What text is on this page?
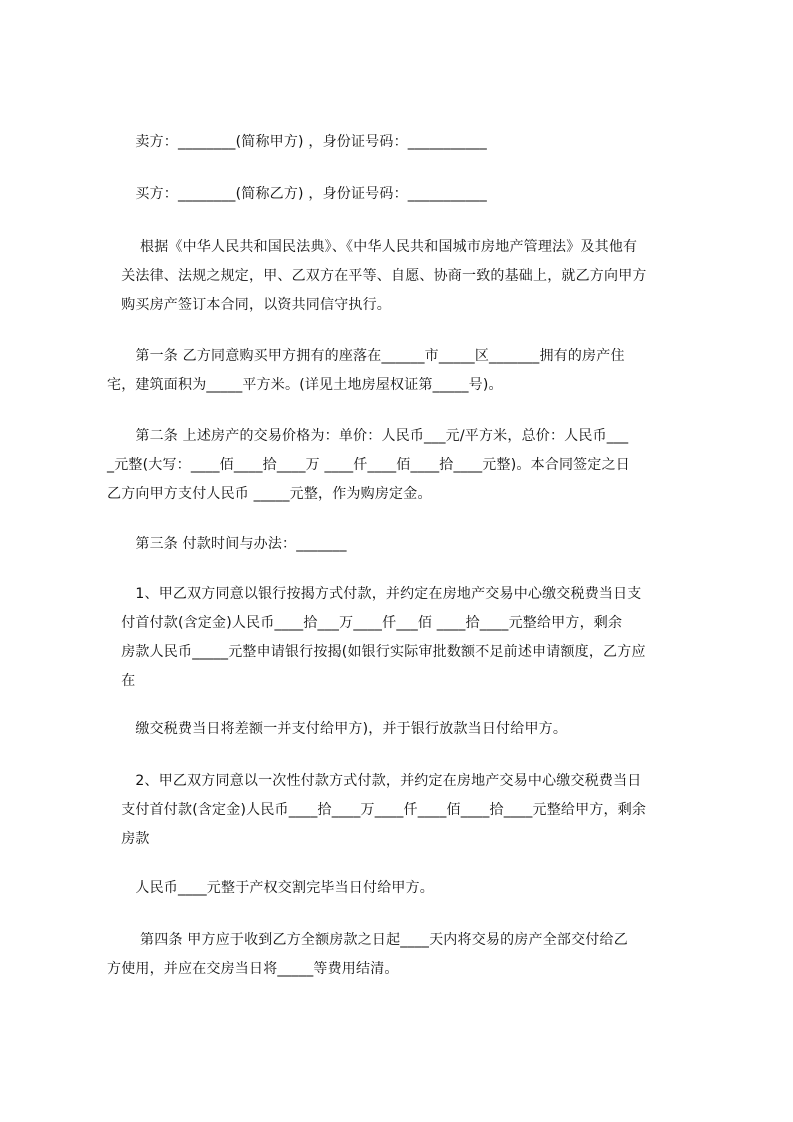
　　卖方：________(简称甲方) ，身份证号码：___________
　　买方：________(简称乙方) ，身份证号码：___________
　　 根据《中华人民共和国民法典》、《中华人民共和国城市房地产管理法》及其他有
　关法律、法规之规定，甲、乙双方在平等、自愿、协商一致的基础上，就乙方向甲方
　购买房产签订本合同，以资共同信守执行。
　　第一条 乙方同意购买甲方拥有的座落在______市_____区_______拥有的房产住
宅，建筑面积为_____平方米。(详见土地房屋权证第_____号)。
　　第二条 上述房产的交易价格为：单价：人民币___元/平方米，总价：人民币___
_元整(大写：____佰____拾____万 ____仟____佰____拾____元整)。本合同签定之日
乙方向甲方支付人民币 _____元整，作为购房定金。
　　第三条 付款时间与办法：_______
　　1、甲乙双方同意以银行按揭方式付款，并约定在房地产交易中心缴交税费当日支
　付首付款(含定金)人民币____拾___万____仟___佰 ____拾____元整给甲方，剩余
　房款人民币_____元整申请银行按揭(如银行实际审批数额不足前述申请额度，乙方应
　在
　　缴交税费当日将差额一并支付给甲方)，并于银行放款当日付给甲方。
　　2、甲乙双方同意以一次性付款方式付款，并约定在房地产交易中心缴交税费当日
　支付首付款(含定金)人民币____拾____万____仟____佰____拾____元整给甲方，剩余
　房款
　　人民币____元整于产权交割完毕当日付给甲方。
　　 第四条 甲方应于收到乙方全额房款之日起____天内将交易的房产全部交付给乙
方使用，并应在交房当日将_____等费用结清。
